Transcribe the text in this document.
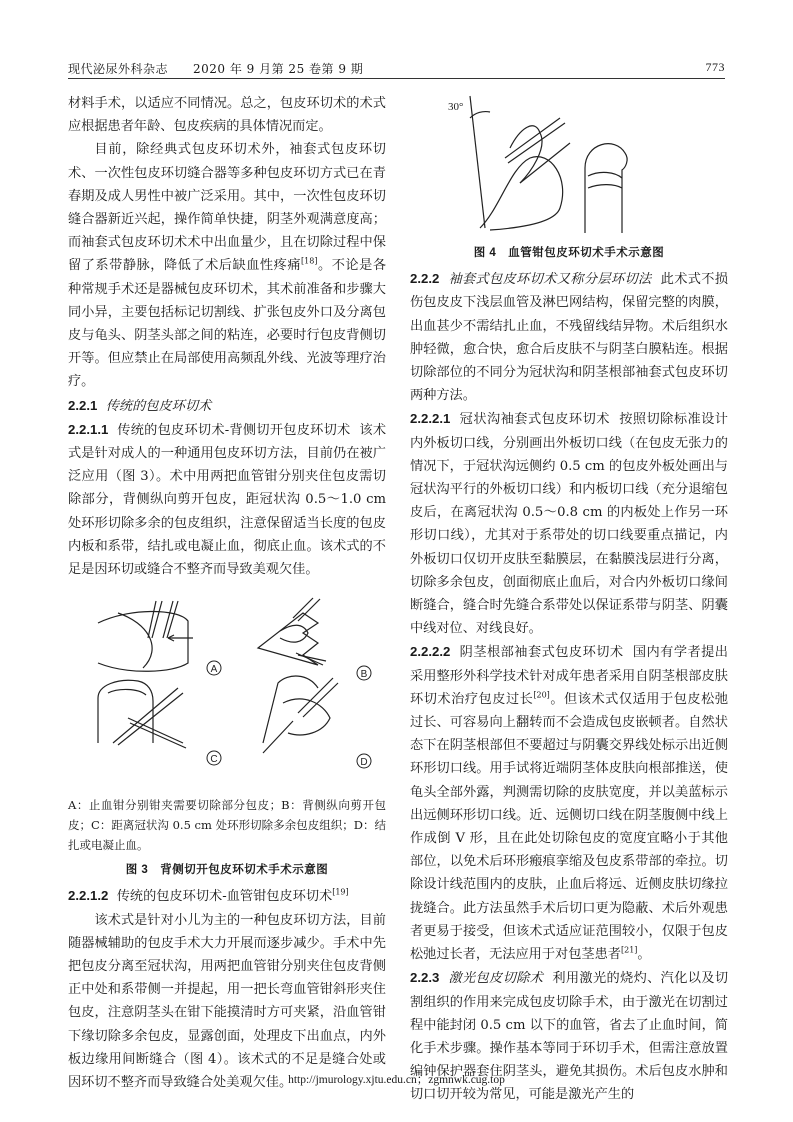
现代泌尿外科杂志 2020 年 9 月第 25 卷第 9 期	773

材料手术，以适应不同情况。总之，包皮环切术的术式应根据患者年龄、包皮疾病的具体情况而定。

目前，除经典式包皮环切术外，袖套式包皮环切术、一次性包皮环切缝合器等多种包皮环切方式已在青春期及成人男性中被广泛采用。其中，一次性包皮环切缝合器新近兴起，操作简单快捷，阴茎外观满意度高；而袖套式包皮环切术术中出血量少，且在切除过程中保留了系带静脉，降低了术后缺血性疼痛[18]。不论是各种常规手术还是器械包皮环切术，其术前准备和步骤大同小异，主要包括标记切割线、扩张包皮外口及分离包皮与龟头、阴茎头部之间的粘连，必要时行包皮背侧切开等。但应禁止在局部使用高频乱外线、光波等理疗治疗。

2.2.1 传统的包皮环切术

2.2.1.1 传统的包皮环切术-背侧切开包皮环切术 该术式是针对成人的一种通用包皮环切方法，目前仍在被广泛应用（图 3）。术中用两把血管钳分别夹住包皮需切除部分，背侧纵向剪开包皮，距冠状沟 0.5～1.0 cm 处环形切除多余的包皮组织，注意保留适当长度的包皮内板和系带，结扎或电凝止血，彻底止血。该术式的不足是因环切或缝合不整齐而导致美观欠佳。

A	B
C	D

A：止血钳分别钳夹需要切除部分包皮；B：背侧纵向剪开包皮；C：距离冠状沟 0.5 cm 处环形切除多余包皮组织；D：结扎或电凝止血。

图 3　背侧切开包皮环切术手术示意图

2.2.1.2 传统的包皮环切术-血管钳包皮环切术[19]

该术式是针对小儿为主的一种包皮环切方法，目前随器械辅助的包皮手术大力开展而逐步减少。手术中先把包皮分离至冠状沟，用两把血管钳分别夹住包皮背侧正中处和系带侧一并提起，用一把长弯血管钳斜形夹住包皮，注意阴茎头在钳下能摸清时方可夹紧，沿血管钳下缘切除多余包皮，显露创面，处理皮下出血点，内外板边缘用间断缝合（图 4）。该术式的不足是缝合处或因环切不整齐而导致缝合处美观欠佳。

30°

图 4　血管钳包皮环切术手术示意图

2.2.2 袖套式包皮环切术又称分层环切法 此术式不损伤包皮皮下浅层血管及淋巴网结构，保留完整的肉膜，出血甚少不需结扎止血，不残留线结异物。术后组织水肿轻微，愈合快，愈合后皮肤不与阴茎白膜粘连。根据切除部位的不同分为冠状沟和阴茎根部袖套式包皮环切两种方法。

2.2.2.1 冠状沟袖套式包皮环切术 按照切除标准设计内外板切口线，分别画出外板切口线（在包皮无张力的情况下，于冠状沟远侧约 0.5 cm 的包皮外板处画出与冠状沟平行的外板切口线）和内板切口线（充分退缩包皮后，在离冠状沟 0.5～0.8 cm 的内板处上作另一环形切口线），尤其对于系带处的切口线要重点描记，内外板切口仅切开皮肤至黏膜层，在黏膜浅层进行分离，切除多余包皮，创面彻底止血后，对合内外板切口缘间断缝合，缝合时先缝合系带处以保证系带与阴茎、阴囊中线对位、对线良好。

2.2.2.2 阴茎根部袖套式包皮环切术 国内有学者提出采用整形外科学技术针对成年患者采用自阴茎根部皮肤环切术治疗包皮过长[20]。但该术式仅适用于包皮松弛过长、可容易向上翻转而不会造成包皮嵌顿者。自然状态下在阴茎根部但不要超过与阴囊交界线处标示出近侧环形切口线。用手试将近端阴茎体皮肤向根部推送，使龟头全部外露，判测需切除的皮肤宽度，并以美蓝标示出远侧环形切口线。近、远侧切口线在阴茎腹侧中线上作成倒 V 形，且在此处切除包皮的宽度宜略小于其他部位，以免术后环形瘢痕挛缩及包皮系带部的牵拉。切除设计线范围内的皮肤，止血后将远、近侧皮肤切缘拉拢缝合。此方法虽然手术后切口更为隐蔽、术后外观患者更易于接受，但该术式适应证范围较小，仅限于包皮松弛过长者，无法应用于对包茎患者[21]。

2.2.3 激光包皮切除术 利用激光的烧灼、汽化以及切割组织的作用来完成包皮切除手术，由于激光在切割过程中能封闭 0.5 cm 以下的血管，省去了止血时间，简化手术步骤。操作基本等同于环切手术，但需注意放置编钟保护器套住阴茎头，避免其损伤。术后包皮水肿和切口切开较为常见，可能是激光产生的

http://jmurology.xjtu.edu.cn；zgmnwk.cug.top
